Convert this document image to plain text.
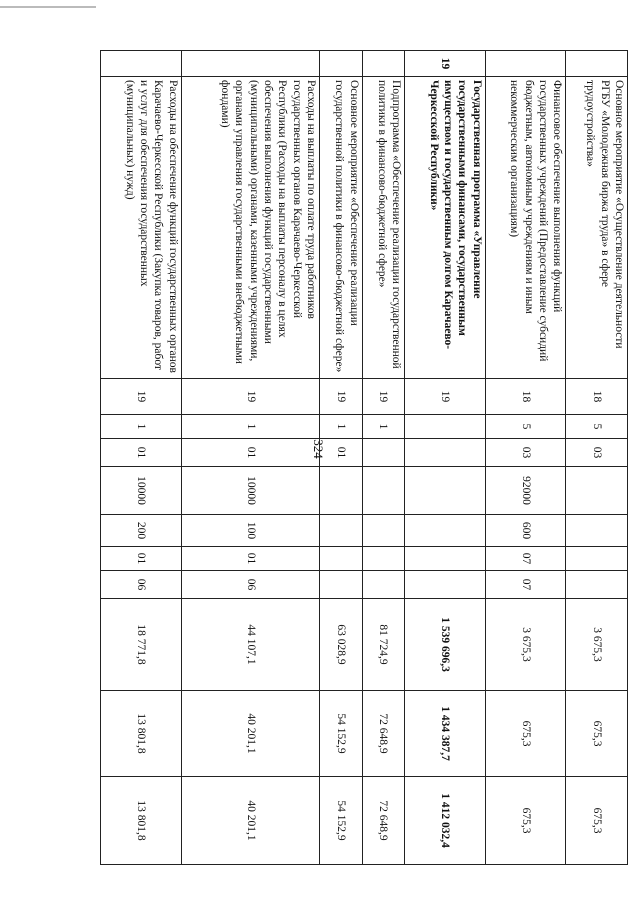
324
	Основное мероприятие «Осуществление деятельности РГБУ «Молодежная биржа труда» в сфере трудоустройства»	18	5	03					3 675,3	675,3	675,3
	Финансовое обеспечение выполнения функций государственных учреждений (Предоставление субсидий бюджетным, автономным учреждениям и иным некоммерческим организациям)	18	5	03	92000	600	07	07	3 675,3	675,3	675,3
19	Государственная программа «Управление государственными финансами, государственным имуществом и государственным долгом Карачаево-Черкесской Республики»	19							1 539 696,3	1 434 387,7	1 412 032,4
	Подпрограмма «Обеспечение реализации государственной политики в финансово-бюджетной сфере»	19	1						81 724,9	72 648,9	72 648,9
	Основное мероприятие «Обеспечение реализации государственной политики в финансово-бюджетной сфере»	19	1	01					63 028,9	54 152,9	54 152,9
	Расходы на выплаты по оплате труда работников государственных органов Карачаево-Черкесской Республики (Расходы на выплаты персоналу в целях обеспечения выполнения функций государственными (муниципальными) органами, казенными учреждениями, органами управления государственными внебюджетными фондами)	19	1	01	10000	100	01	06	44 107,1	40 201,1	40 201,1
	Расходы на обеспечение функций государственных органов Карачаево-Черкесской Республики (Закупка товаров, работ и услуг для обеспечения государственных (муниципальных) нужд)	19	1	01	10000	200	01	06	18 771,8	13 801,8	13 801,8
